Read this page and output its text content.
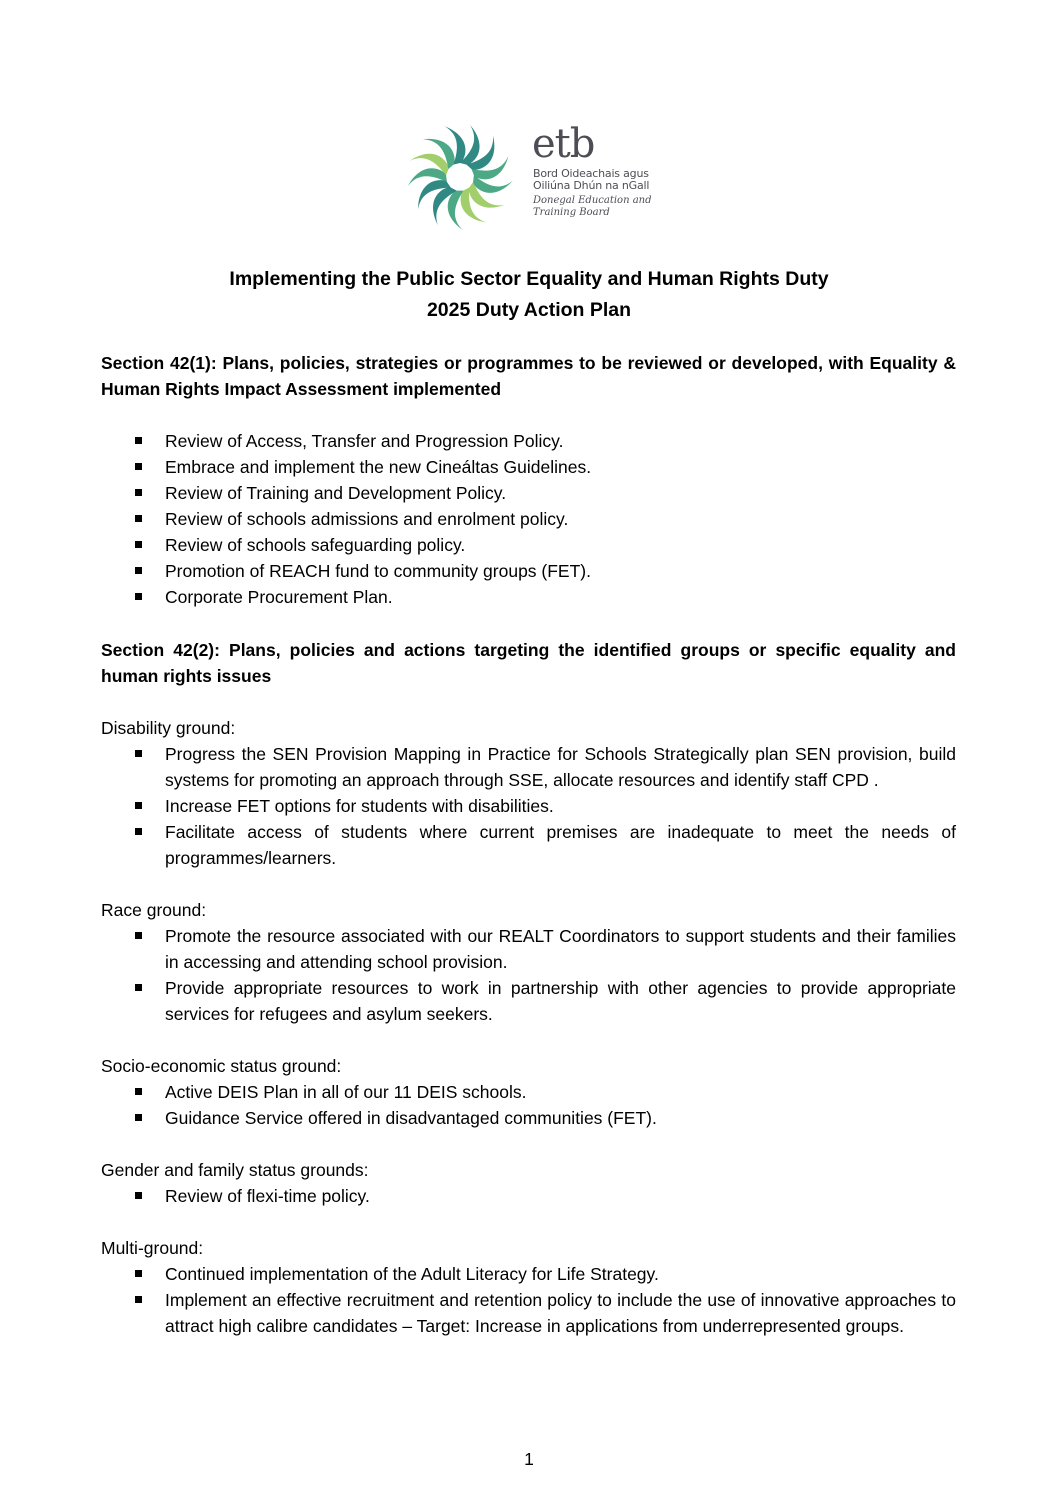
etb
Bord Oideachais agus
Oiliúna Dhún na nGall
Donegal Education and
Training Board
Implementing the Public Sector Equality and Human Rights Duty
2025 Duty Action Plan
Section 42(1): Plans, policies, strategies or programmes to be reviewed or developed, with Equality & Human Rights Impact Assessment implemented
Review of Access, Transfer and Progression Policy.
Embrace and implement the new Cineáltas Guidelines.
Review of Training and Development Policy.
Review of schools admissions and enrolment policy.
Review of schools safeguarding policy.
Promotion of REACH fund to community groups (FET).
Corporate Procurement Plan.
Section 42(2): Plans, policies and actions targeting the identified groups or specific equality and human rights issues

Disability ground:

Progress the SEN Provision Mapping in Practice for Schools Strategically plan SEN provision, build systems for promoting an approach through SSE, allocate resources and identify staff CPD .
Increase FET options for students with disabilities.
Facilitate access of students where current premises are inadequate to meet the needs of programmes/learners.

Race ground:

Promote the resource associated with our REALT Coordinators to support students and their families in accessing and attending school provision.
Provide appropriate resources to work in partnership with other agencies to provide appropriate services for refugees and asylum seekers.

Socio-economic status ground:

Active DEIS Plan in all of our 11 DEIS schools.
Guidance Service offered in disadvantaged communities (FET).

Gender and family status grounds:

Review of flexi-time policy.

Multi-ground:

Continued implementation of the Adult Literacy for Life Strategy.
Implement an effective recruitment and retention policy to include the use of innovative approaches to attract high calibre candidates – Target: Increase in applications from underrepresented groups.
1
